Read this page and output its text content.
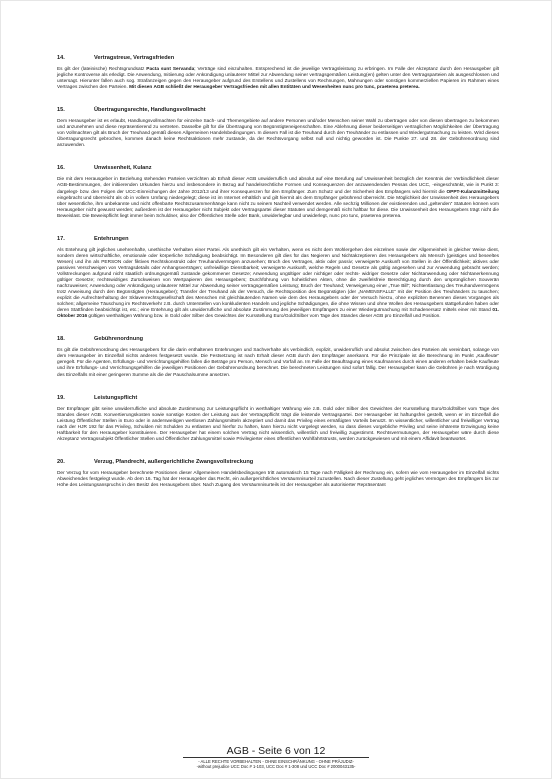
14.	Vertragstreue, Vertragsfrieden

Es gilt der (lateinische) Rechtsgrundsatz Pacta sunt Servanda; Verträge sind einzuhalten. Entsprechend ist die jeweilige Vertragsleistung zu erbringen. Im Falle der Akzeptanz durch den Herausgeber gilt jegliche Kontroverse als erledigt. Die Anwendung, Initiierung oder Ankündigung unlauterer Mittel zur Abwendung seiner vertragsgemäßen Leistung(en) gelten unter den Vertragsparteien als ausgeschlossen und untersagt. Hierunter fallen auch sog. Strafanzeigen gegen den Herausgeber aufgrund des Erstellens und Zustellens von Rechnungen, Mahnungen oder sonstigen kommerziellen Papieren im Rahmen eines Vertrages zwischen den Parteien. Mit diesen AGB schließt der Herausgeber Vertragsfrieden mit allen Entitäten und Wesenheiten nunc pro tunc, praeterea preterea.

15.	Übertragungsrechte, Handlungsvollmacht

Dem Herausgeber ist es erlaubt, Handlungsvollmachten für einzelne Sach- und Themengebiete auf andere Personen und/oder Menschen seiner Wahl zu übertragen oder von diesen übertragen zu bekommen und anzunehmen und diese repräsentierend zu vertreten. Dasselbe gilt für die Übertragung von Begünstigteneigenschaften. Eine Ablehnung dieser beiderseitigen vertraglichen Möglichkeiten der Übertragung von Vollmachten gilt als Bruch der Treuhand gemäß diesen Allgemeinen Handelsbedingungen. In diesem Fall ist die Treuhand durch den Treuhänder zu entlassen und Wiedergutmachung zu leisten. Wird dieses Übertragungsrecht gebrochen, kommen danach keine Rechtsaktionen mehr zustande, da der Rechtsvorgang selbst null und nichtig geworden ist. Die Punkte 27. und 28. der Gebührenordnung sind anzuwenden.

16.	Unwissenheit, Kulanz

Die mit dem Herausgeber in Beziehung stehenden Parteien verzichten ab Erhalt dieser AGB unwiderruflich und absolut auf eine Berufung auf Unwissenheit bezüglich der Kenntnis der Verbindlichkeit dieser AGB-Bestimmungen, der initiierenden Urkunden hierzu und insbesondere in Bezug auf handelsrechtliche Formen und Konsequenzen der anzuwendenden Pessas des UCC, -eingeschränkt, wie in Punkt 3: dargelegt- bzw. den Folgen der UCC-Einreichungen der Jahre 2012/13 und ihrer Konsequenzen für den Empfänger. Zum Schutz und der Sicherheit des Empfängers wird hiermit die OPPT-Kulanzmitteilung eingebracht und überreicht als ob in vollem Umfang niedergelegt; diese ist im Internet erhältlich und gilt hiermit als dem Empfänger gebührend überreicht. Die Möglichkeit der Unwissenheit des Herausgebers über wesentliche, ihm unbekannte und nicht offenbarte Rechtszusammenhänge kann nicht zu seinem Nachteil verwendet werden. Alle sechzig Millionen der existierenden und „geltenden“ Statuten können vom Herausgeber nicht gewusst werden; außerdem ist der Herausgeber nicht Subjekt oder Vertragspartei dieser Statuten und demgemäß nicht haftbar für diese. Die Unwissenheit des Herausgebers trägt nicht die Beweislast. Die Beweispflicht liegt immer beim Schuldner, also der Öffentlichen Stelle oder Bank, unwiderlegbar und unwiderlegt, nunc pro tunc, praeterea preterea.

17.	Entehrungen

Als Entehrung gilt jegliches unehrenhafte, unethische Verhalten einer Partei. Als unethisch gilt ein Verhalten, wenn es nicht dem Wohlergehen des einzelnen sowie der Allgemeinheit in gleicher Weise dient, sondern deren wirtschaftliche, emotionale oder körperliche Schädigung beabsichtigt. Im Besonderen gilt dies für das Negieren und Nichtakzeptieren des Herausgebers als Mensch (geistiges und beseeltes Wesen) und ihn als PERSON oder fiktives Rechtskonstrukt oder Treuhandvermögen anzusehen; Bruch des Vertrages, aktiv oder passiv; verweigerte Auskunft von Stellen in der Öffentlichkeit; aktives oder passives Verschweigen von Vertragsdetails oder Anhangsverträgen; unfreiwillige Dienstbarkeit; verweigerte Auskunft, welche Regeln und Gesetze als gültig angesehen und zur Anwendung gebracht werden; Vollstreckungen aufgrund nicht staatlich ordnungsgemäß zustande gekommener Gesetze; Anwendung ungültiger oder nichtiger oder rechts- widriger Gesetze oder Nichtanwendung oder Nichtanerkennung gültiger Gesetze; rechtswidriges Zurückweisen von Wertpapieren des Herausgebers; Durchführung von hoheitlichen Akten, ohne die zweifelsfreie Berechtigung durch den ursprünglichen Souverän nachzuweisen; Anwendung oder Ankündigung unlauterer Mittel zur Abwendung seiner vertragsgemäßen Leistung; Bruch der Treuhand; Verweigerung einer „True Bill“; Nichtentlastung des Treuhandvermögens trotz Anweisung durch den Begünstigten (Herausgeber); Transfer der Treuhand als der Versuch, die Rechtsposition des Begünstigten (der „NAMENSFALLE“ mit der Position des Treuhänders zu tauschen; explizit die Aufrechterhaltung der Sklavenrechtsgesellschaft des Menschen mit gleichlautenden Namen wie dem des Herausgebers oder der Versuch hierzu, ohne expliziten Benennen dieses Vorganges als solchen; allgemeine Täuschung im Rechtsverkehr z.B. durch Unterstellen von konkludenten Handeln und jegliche Schädigungen, die ohne Wissen und ohne Wollen des Herausgebers stattgefunden haben oder deren Stattfinden beabsichtigt ist, etc.; eine Entehrung gilt als unwiderrufliche und absolute Zustimmung des jeweiligen Empfängers zu einer Wiedergutmachung mit Schadenersatz mittels einer mit Stand 01. Oktober 2016 gültigen werthaltigen Währung bzw. in Gold oder Silber des Gewichtes der Kursstellung Euro/Gold/Silber vom Tage des Standes dieser AGB pro Einzelfall und Position.

18.	Gebührenordnung

Es gilt die Gebührenordnung des Herausgebers für die darin enthaltenen Entehrungen und Sachverhalte als verbindlich, explizit, unwiderruflich und absolut zwischen den Parteien als vereinbart, solange von dem Herausgeber im Einzelfall nichts anderes festgesetzt wurde. Die Festsetzung ist nach Erhalt dieser AGB durch den Empfänger anerkannt. Für die Prinzipale ist die Berechnung im Punkt „Kaufleute“ geregelt. Für die Agenten, Erfüllungs- und Verrichtungsgehilfen fallen die Beträge pro Person, Mensch und Vorfall an. Im Falle der Beauftragung eines Kaufmannes durch einen anderen erhalten beide Kaufleute und ihre Erfüllungs- und Verrichtungsgehilfen die jeweiligen Positionen der Gebührenordnung berechnet. Die berechneten Leistungen sind sofort fällig. Der Herausgeber kann die Gebühren je nach Würdigung des Einzelfalls mit einer geringeren Summe als die der Pauschalsumme ansetzen.

19.	Leistungspflicht

Der Empfänger gibt seine unwiderrufliche und absolute Zustimmung zur Leistungspflicht in werthaltiger Währung wie z.B. Gold oder Silber des Gewichtes der Kursstellung Euro/Gold/Silber vom Tage des Standes dieser AGB. Konvertierungskosten sowie sonstige Kosten der Leistung aus der Vertragspflicht trägt die leistende Vertragspartei. Der Herausgeber ist haftungsfrei gestellt, wenn er im Einzelfall die Leistung Öffentlicher Stellen in Euro oder in andersweitigen wertlosen Zahlungsmitteln akzeptiert und damit das Privileg eines ermäßigten Vorteils benutzt. Im wissentlicher, willentlicher und freiwilliger Vertrag nach der HJR 192 für das Privileg, Schulden mit Schulden zu entlasten und hierfür zu haften, kann hierzu nicht vorgelegt werden, so dass dieses vorgebliche Privileg und seine inhärente Erzwingung keine Haftbarkeit für den Herausgeber konstituieren. Der Herausgeber hat einem solchen Vertrag nicht wissentlich, willentlich und freiwillig zugestimmt. Rechtsvermutungen, der Herausgeber wäre durch diese Akzeptanz Vertragssubjekt Öffentlicher Stellen und Öffentlicher Zahlungsmittel sowie Privilegierter eines öffentlichen Wohlfahrtstrusts, werden zurückgewiesen und mit einem Affidavit beantwortet.

20.	Verzug, Pfandrecht, außergerichtliche Zwangsvollstreckung

Der Verzug für vom Herausgeber berechnete Positionen dieser Allgemeinen Handelsbedingungen tritt automatisch 15 Tage nach Fälligkeit der Rechnung ein, sofern wie vom Herausgeber im Einzelfall nichts Abweichendes festgelegt wurde. Ab dem 16. Tag hat der Herausgeber das Recht, ein außergerichtliches Versäumnisurteil zuzustellen. Nach dieser Zustellung geht jegliches Vermögen des Empfängers bis zur Höhe des Leistungsanspruchs in den Besitz des Herausgebers über. Nach Zugang des Versäumnisurteils ist der Herausgeber als autorisierter Repräsentant

AGB - Seite 6 von 12
- ALLE RECHTE VORBEHALTEN - OHNE EINSCHRÄNKUNG - OHNE PRÄJUDIZ-
-without prejudice UCC Doc # 1-103, UCC Doc # 1-308 und UCC Doc # 2000043135-
